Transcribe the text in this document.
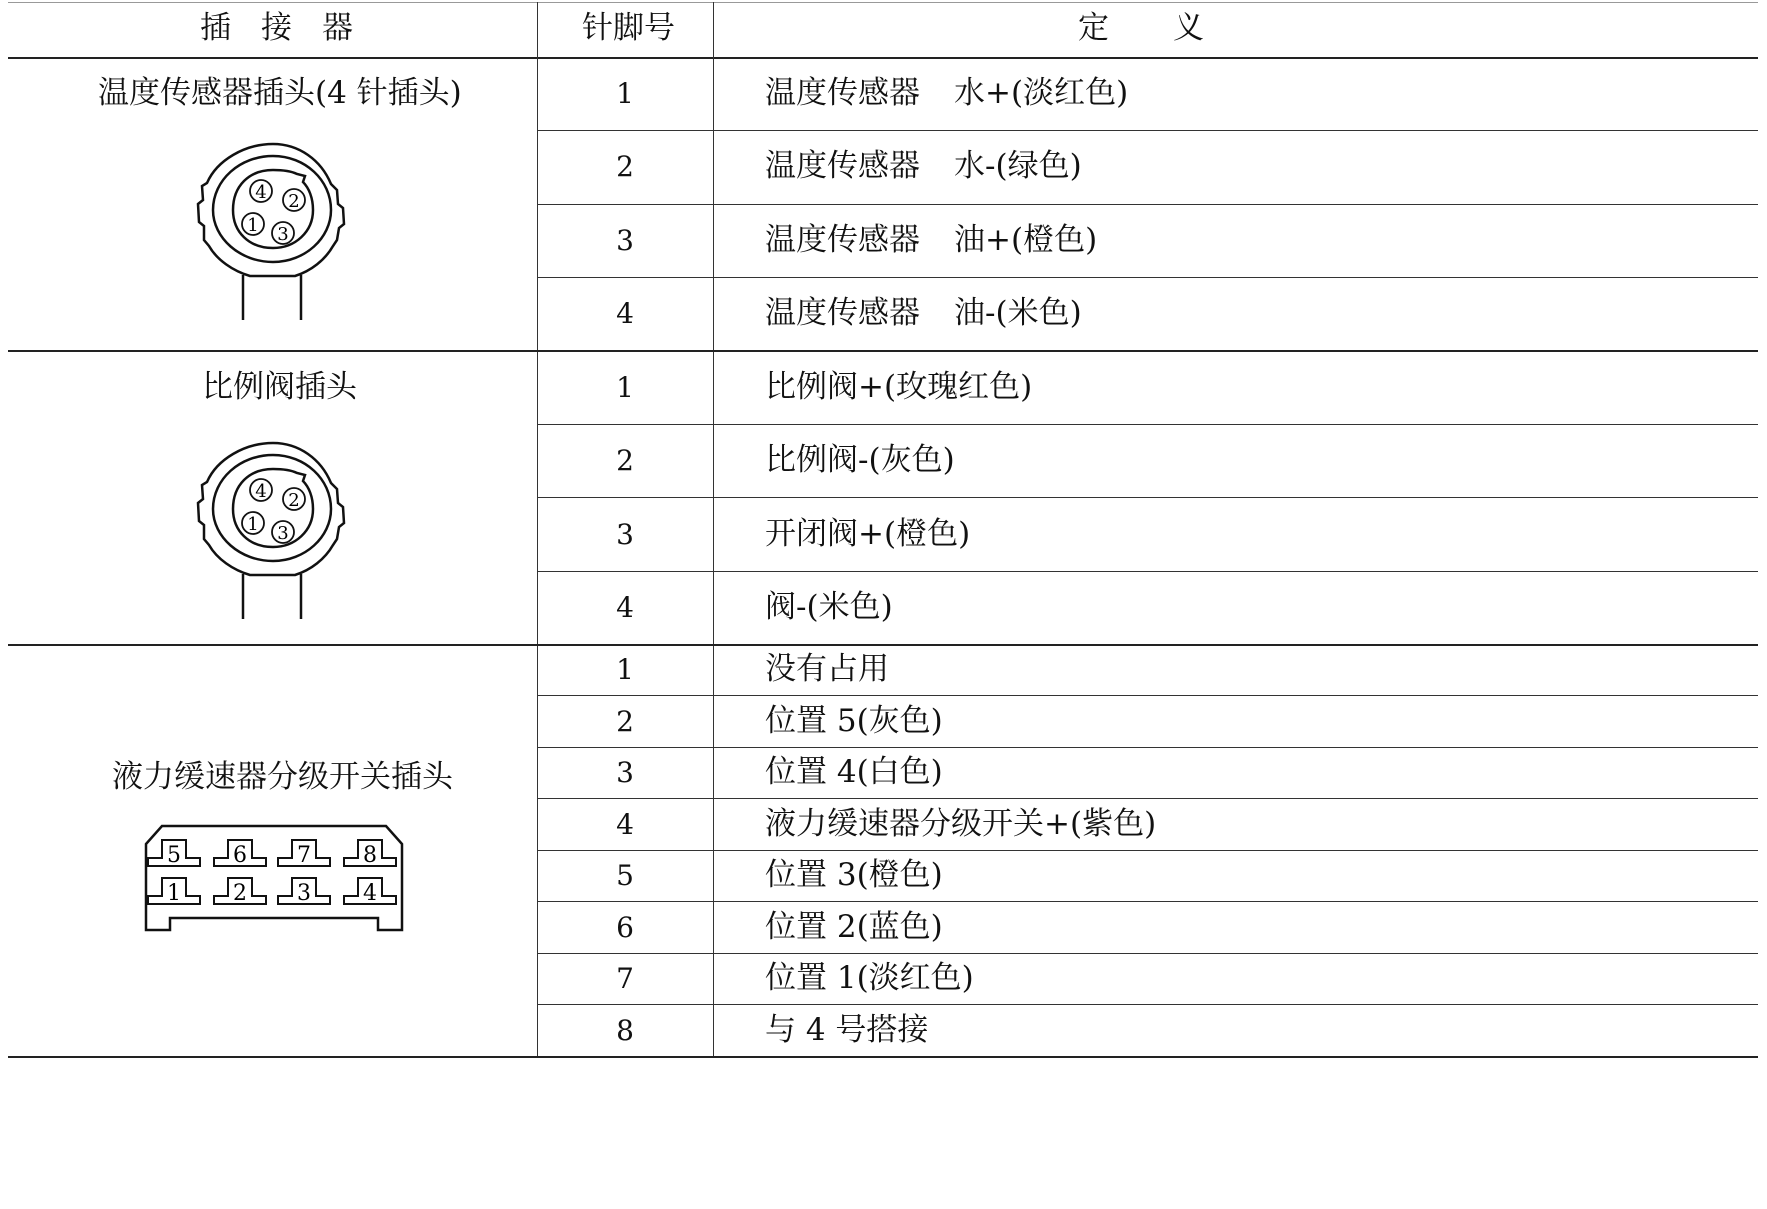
插 接 器	针脚号	定 义
温度传感器插头(4 针插头)
4 2
1 3
1
2
3
4
温度传感器 水+(淡红色)
温度传感器 水-(绿色)
温度传感器 油+(橙色)
温度传感器 油-(米色)
比例阀插头
4 2
1 3
1
2
3
4
比例阀+(玫瑰红色)
比例阀-(灰色)
开闭阀+(橙色)
阀-(米色)
液力缓速器分级开关插头
5 6 7 8
1 2 3 4
1
2
3
4
5
6
7
8
没有占用
位置 5(灰色)
位置 4(白色)
液力缓速器分级开关+(紫色)
位置 3(橙色)
位置 2(蓝色)
位置 1(淡红色)
与 4 号搭接
